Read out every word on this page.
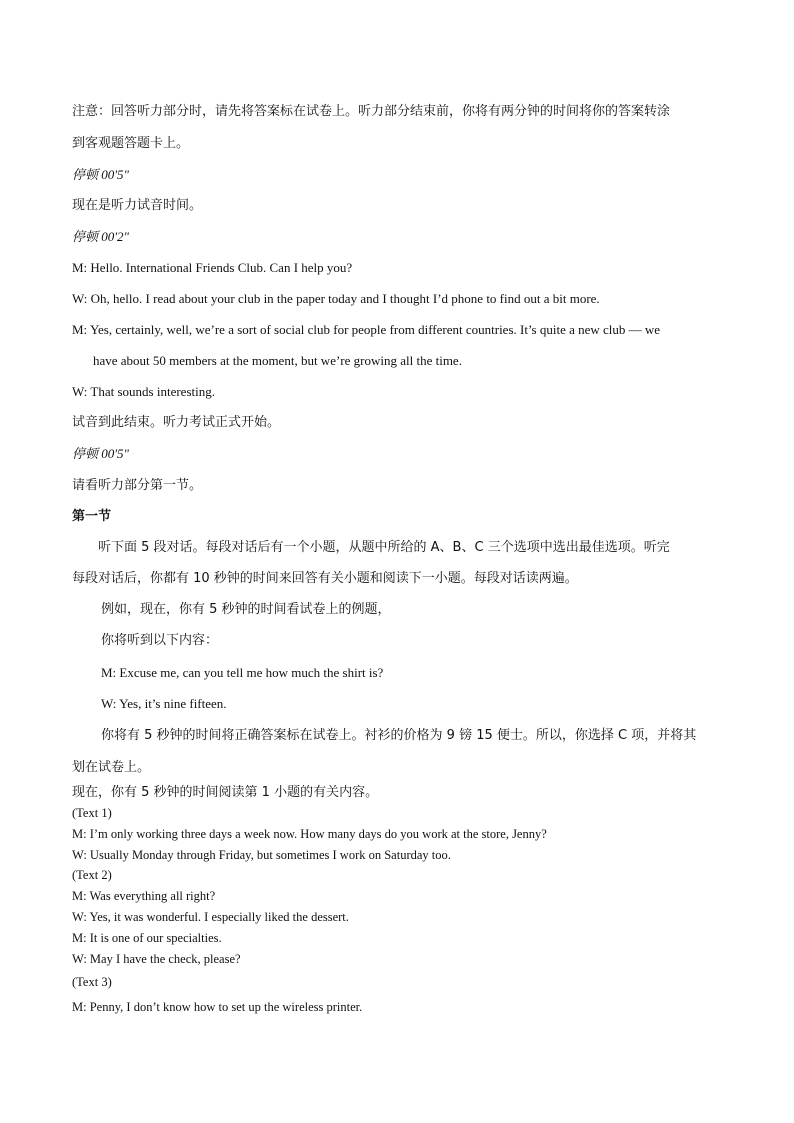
注意：回答听力部分时，请先将答案标在试卷上。听力部分结束前，你将有两分钟的时间将你的答案转涂
到客观题答题卡上。
停顿 00'5"
现在是听力试音时间。
停顿 00'2"
M: Hello. International Friends Club. Can I help you?
W: Oh, hello. I read about your club in the paper today and I thought I’d phone to find out a bit more.
M: Yes, certainly, well, we’re a sort of social club for people from different countries. It’s quite a new club — we
have about 50 members at the moment, but we’re growing all the time.
W: That sounds interesting.
试音到此结束。听力考试正式开始。
停顿 00'5"
请看听力部分第一节。
第一节
听下面 5 段对话。每段对话后有一个小题，从题中所给的 A、B、C 三个选项中选出最佳选项。听完
每段对话后，你都有 10 秒钟的时间来回答有关小题和阅读下一小题。每段对话读两遍。
例如，现在，你有 5 秒钟的时间看试卷上的例题，
你将听到以下内容：
M: Excuse me, can you tell me how much the shirt is?
W: Yes, it’s nine fifteen.
你将有 5 秒钟的时间将正确答案标在试卷上。衬衫的价格为 9 镑 15 便士。所以，你选择 C 项，并将其
划在试卷上。
现在，你有 5 秒钟的时间阅读第 1 小题的有关内容。
(Text 1)
M: I’m only working three days a week now. How many days do you work at the store, Jenny?
W: Usually Monday through Friday, but sometimes I work on Saturday too.
(Text 2)
M: Was everything all right?
W: Yes, it was wonderful. I especially liked the dessert.
M: It is one of our specialties.
W: May I have the check, please?
(Text 3)
M: Penny, I don’t know how to set up the wireless printer.
